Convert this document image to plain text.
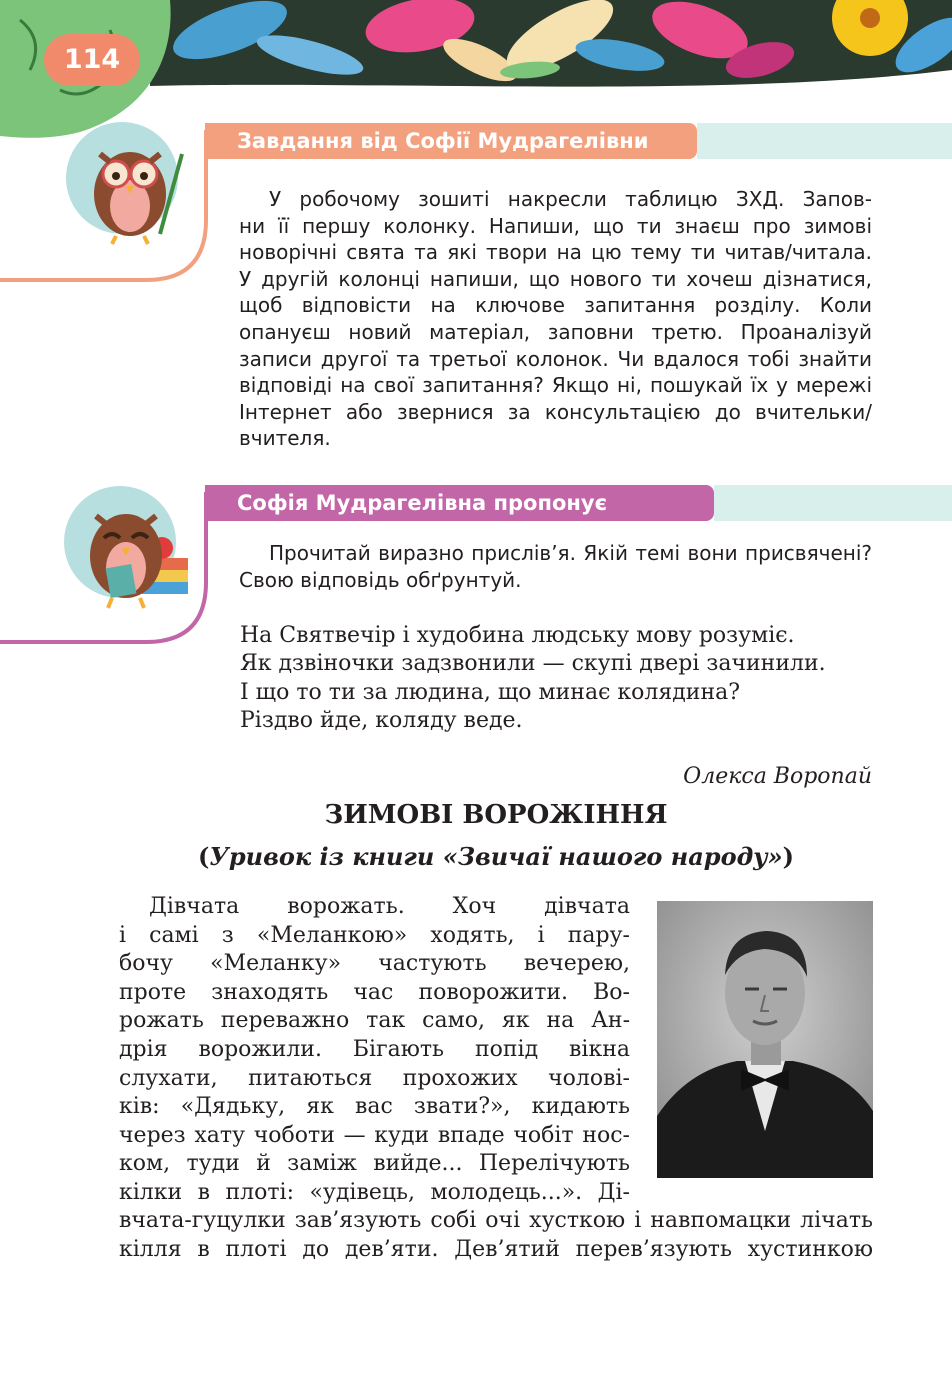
114
Завдання від Софії Мудрагелівни
У робочому зошиті накресли таблицю ЗХД. Запов-
ни її першу колонку. Напиши, що ти знаєш про зимові
новорічні свята та які твори на цю тему ти читав/читала.
У другій колонці напиши, що нового ти хочеш дізнатися,
щоб відповісти на ключове запитання розділу. Коли
опануєш новий матеріал, заповни третю. Проаналізуй
записи другої та третьої колонок. Чи вдалося тобі знайти
відповіді на свої запитання? Якщо ні, пошукай їх у мережі
Інтернет або звернися за консультацією до вчительки/
вчителя.
Софія Мудрагелівна пропонує
Прочитай виразно прислів’я. Якій темі вони присвячені?
Свою відповідь обґрунтуй.
На Святвечір і худобина людську мову розуміє.
Як дзвіночки задзвонили — скупі двері зачинили.
І що то ти за людина, що минає колядина?
Різдво йде, коляду веде.
Олекса Воропай
ЗИМОВІ ВОРОЖІННЯ
(Уривок із книги «Звичаї нашого народу»)
Дівчата ворожать. Хоч дівчата
і самі з «Меланкою» ходять, і пару-
бочу «Меланку» частують вечерею,
проте знаходять час поворожити. Во-
рожать переважно так само, як на Ан-
дрія ворожили. Бігають попід вікна
слухати, питаються прохожих чолові-
ків: «Дядьку, як вас звати?», кидають
через хату чоботи — куди впаде чобіт нос-
ком, туди й заміж вийде... Перелічують
кілки в плоті: «удівець, молодець...». Ді-
вчата-гуцулки зав’язують собі очі хусткою і навпомацки лічать
кілля в плоті до дев’яти. Дев’ятий перев’язують хустинкою
